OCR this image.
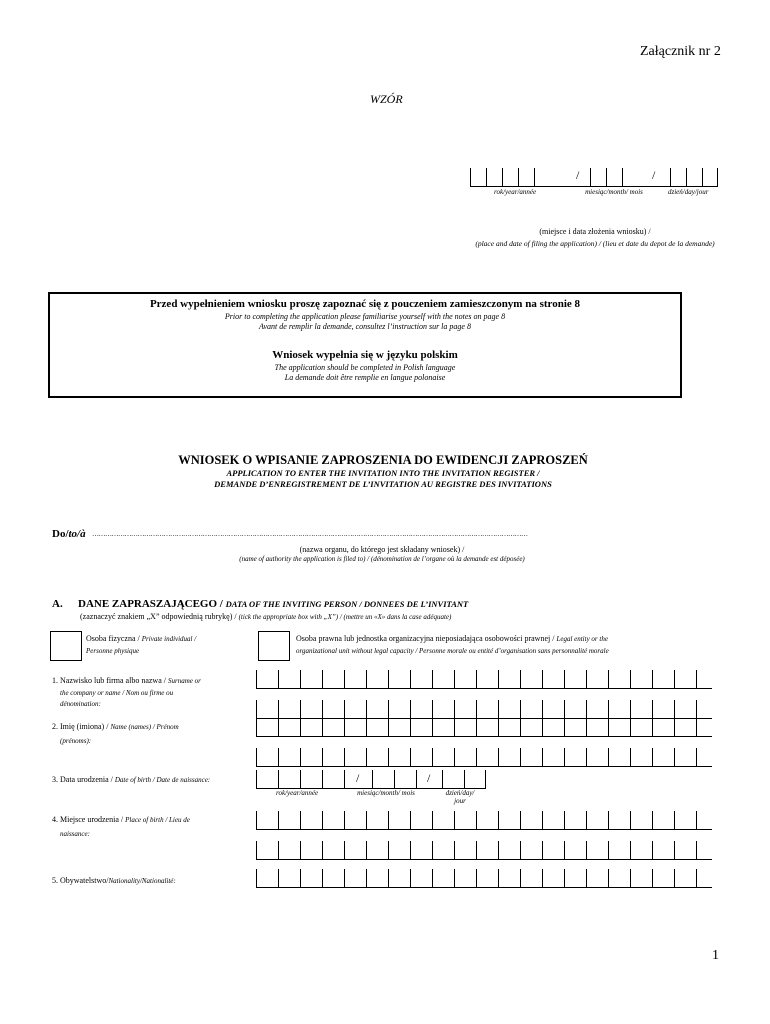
Załącznik nr 2
WZÓR
/	/
rok/year/année	miesiąc/month/ mois	dzień/day/jour
(miejsce i data złożenia wniosku) /
(place and date of filing the application) / (lieu et date du depot de la demande)
Przed wypełnieniem wniosku proszę zapoznać się z pouczeniem zamieszczonym na stronie 8
Prior to completing the application please familiarise yourself with the notes on page 8
Avant de remplir la demande, consultez l’instruction sur la page 8
Wniosek wypełnia się w języku polskim
The application should be completed in Polish language
La demande doit être remplie en langue polonaise
WNIOSEK O WPISANIE ZAPROSZENIA DO EWIDENCJI ZAPROSZEŃ
APPLICATION TO ENTER THE INVITATION INTO THE INVITATION REGISTER /
DEMANDE D’ENREGISTREMENT DE L’INVITATION AU REGISTRE DES INVITATIONS
Do/to/à …………………………………………………………………………………………………………………………………………………………………………………
(nazwa organu, do którego jest składany wniosek) /
(name of authority the application is filed to) / (dénomination de l’organe où la demande est déposée)
A. DANE ZAPRASZAJĄCEGO / DATA OF THE INVITING PERSON / DONNEES DE L’INVITANT
(zaznaczyć znakiem „X” odpowiednią rubrykę) / (tick the appropriate box with „X”) / (mettre un «X» dans la case adéquate)
Osoba fizyczna / Private individual /
Personne physique
Osoba prawna lub jednostka organizacyjna nieposiadająca osobowości prawnej / Legal entity or the
organizational unit without legal capacity / Personne morale ou entité d’organisation sans personnalité morale
1. Nazwisko lub firma albo nazwa / Surname or
the company or name / Nom ou firme ou
dénomination:
2. Imię (imiona) / Name (names) / Prénom
(prénoms):
3. Data urodzenia / Date of birth / Date de naissance:	/	/
rok/year/année	miesiąc/month/ mois	dzień/day/ jour
4. Miejsce urodzenia / Place of birth / Lieu de
naissance:
5. Obywatelstwo/Nationality/Nationalité:
1
